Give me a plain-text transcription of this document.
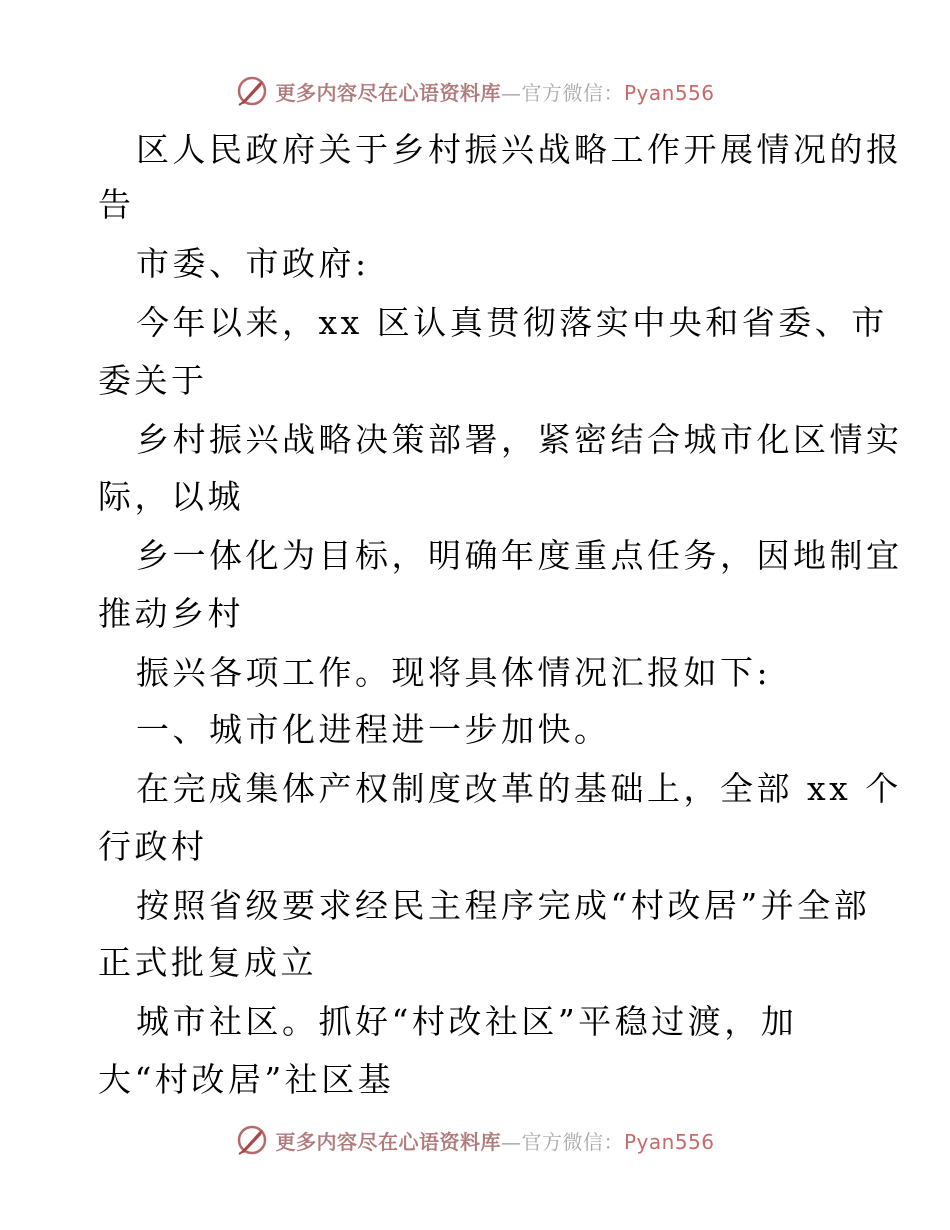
更多内容尽在心语资料库 — 官方微信： Pyan556
区人民政府关于乡村振兴战略工作开展情况的报
告
市委、市政府:
今年以来，xx 区认真贯彻落实中央和省委、市
委关于
乡村振兴战略决策部署，紧密结合城市化区情实
际，以城
乡一体化为目标，明确年度重点任务，因地制宜
推动乡村
振兴各项工作。现将具体情况汇报如下:
一、城市化进程进一步加快。
在完成集体产权制度改革的基础上，全部 xx 个
行政村
按照省级要求经民主程序完成“村改居”并全部
正式批复成立
城市社区。抓好“村改社区”平稳过渡，加
大“村改居”社区基
更多内容尽在心语资料库 — 官方微信： Pyan556
